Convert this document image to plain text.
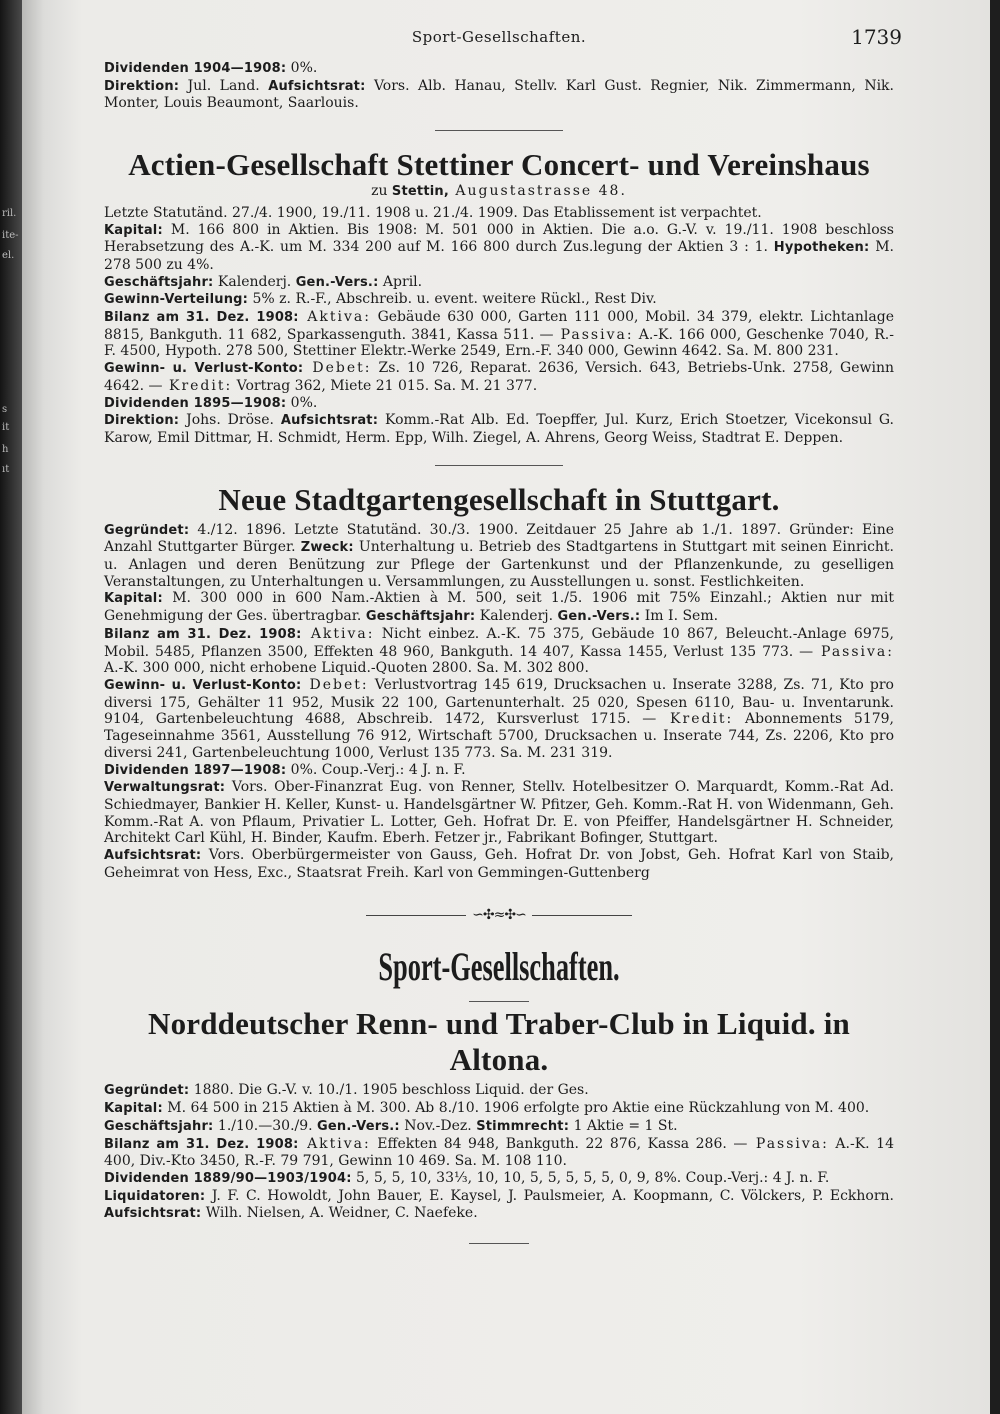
ril.
ite-
el.
s
it
h
ıt
Sport-Gesellschaften.	1739

Dividenden 1904—1908: 0%.

Direktion: Jul. Land. Aufsichtsrat: Vors. Alb. Hanau, Stellv. Karl Gust. Regnier, Nik. Zimmermann, Nik. Monter, Louis Beaumont, Saarlouis.

Actien-Gesellschaft Stettiner Concert- und Vereinshaus

zu Stettin, Augustastrasse 48.

Letzte Statutänd. 27./4. 1900, 19./11. 1908 u. 21./4. 1909. Das Etablissement ist verpachtet.

Kapital: M. 166 800 in Aktien. Bis 1908: M. 501 000 in Aktien. Die a.o. G.-V. v. 19./11. 1908 beschloss Herabsetzung des A.-K. um M. 334 200 auf M. 166 800 durch Zus.legung der Aktien 3 : 1. Hypotheken: M. 278 500 zu 4%.

Geschäftsjahr: Kalenderj. Gen.-Vers.: April.

Gewinn-Verteilung: 5% z. R.-F., Abschreib. u. event. weitere Rückl., Rest Div.

Bilanz am 31. Dez. 1908: Aktiva: Gebäude 630 000, Garten 111 000, Mobil. 34 379, elektr. Lichtanlage 8815, Bankguth. 11 682, Sparkassenguth. 3841, Kassa 511. — Passiva: A.-K. 166 000, Geschenke 7040, R.-F. 4500, Hypoth. 278 500, Stettiner Elektr.-Werke 2549, Ern.-F. 340 000, Gewinn 4642. Sa. M. 800 231.

Gewinn- u. Verlust-Konto: Debet: Zs. 10 726, Reparat. 2636, Versich. 643, Betriebs-Unk. 2758, Gewinn 4642. — Kredit: Vortrag 362, Miete 21 015. Sa. M. 21 377.

Dividenden 1895—1908: 0%.

Direktion: Johs. Dröse. Aufsichtsrat: Komm.-Rat Alb. Ed. Toepffer, Jul. Kurz, Erich Stoetzer, Vicekonsul G. Karow, Emil Dittmar, H. Schmidt, Herm. Epp, Wilh. Ziegel, A. Ahrens, Georg Weiss, Stadtrat E. Deppen.

Neue Stadtgartengesellschaft in Stuttgart.

Gegründet: 4./12. 1896. Letzte Statutänd. 30./3. 1900. Zeitdauer 25 Jahre ab 1./1. 1897. Gründer: Eine Anzahl Stuttgarter Bürger. Zweck: Unterhaltung u. Betrieb des Stadtgartens in Stuttgart mit seinen Einricht. u. Anlagen und deren Benützung zur Pflege der Gartenkunst und der Pflanzenkunde, zu geselligen Veranstaltungen, zu Unterhaltungen u. Versammlungen, zu Ausstellungen u. sonst. Festlichkeiten.

Kapital: M. 300 000 in 600 Nam.-Aktien à M. 500, seit 1./5. 1906 mit 75% Einzahl.; Aktien nur mit Genehmigung der Ges. übertragbar. Geschäftsjahr: Kalenderj. Gen.-Vers.: Im I. Sem.

Bilanz am 31. Dez. 1908: Aktiva: Nicht einbez. A.-K. 75 375, Gebäude 10 867, Beleucht.-Anlage 6975, Mobil. 5485, Pflanzen 3500, Effekten 48 960, Bankguth. 14 407, Kassa 1455, Verlust 135 773. — Passiva: A.-K. 300 000, nicht erhobene Liquid.-Quoten 2800. Sa. M. 302 800.

Gewinn- u. Verlust-Konto: Debet: Verlustvortrag 145 619, Drucksachen u. Inserate 3288, Zs. 71, Kto pro diversi 175, Gehälter 11 952, Musik 22 100, Gartenunterhalt. 25 020, Spesen 6110, Bau- u. Inventarunk. 9104, Gartenbeleuchtung 4688, Abschreib. 1472, Kursverlust 1715. — Kredit: Abonnements 5179, Tageseinnahme 3561, Ausstellung 76 912, Wirtschaft 5700, Drucksachen u. Inserate 744, Zs. 2206, Kto pro diversi 241, Gartenbeleuchtung 1000, Verlust 135 773. Sa. M. 231 319.

Dividenden 1897—1908: 0%. Coup.-Verj.: 4 J. n. F.

Verwaltungsrat: Vors. Ober-Finanzrat Eug. von Renner, Stellv. Hotelbesitzer O. Marquardt, Komm.-Rat Ad. Schiedmayer, Bankier H. Keller, Kunst- u. Handelsgärtner W. Pfitzer, Geh. Komm.-Rat H. von Widenmann, Geh. Komm.-Rat A. von Pflaum, Privatier L. Lotter, Geh. Hofrat Dr. E. von Pfeiffer, Handelsgärtner H. Schneider, Architekt Carl Kühl, H. Binder, Kaufm. Eberh. Fetzer jr., Fabrikant Bofinger, Stuttgart.

Aufsichtsrat: Vors. Oberbürgermeister von Gauss, Geh. Hofrat Dr. von Jobst, Geh. Hofrat Karl von Staib, Geheimrat von Hess, Exc., Staatsrat Freih. Karl von Gemmingen-Guttenberg

∽✣≈✣∽
Sport-Gesellschaften.
Norddeutscher Renn- und Traber-Club in Liquid. in Altona.

Gegründet: 1880. Die G.-V. v. 10./1. 1905 beschloss Liquid. der Ges.

Kapital: M. 64 500 in 215 Aktien à M. 300. Ab 8./10. 1906 erfolgte pro Aktie eine Rückzahlung von M. 400.

Geschäftsjahr: 1./10.—30./9. Gen.-Vers.: Nov.-Dez. Stimmrecht: 1 Aktie = 1 St.

Bilanz am 31. Dez. 1908: Aktiva: Effekten 84 948, Bankguth. 22 876, Kassa 286. — Passiva: A.-K. 14 400, Div.-Kto 3450, R.-F. 79 791, Gewinn 10 469. Sa. M. 108 110.

Dividenden 1889/90—1903/1904: 5, 5, 5, 10, 33⅓, 10, 10, 5, 5, 5, 5, 5, 0, 9, 8%. Coup.-Verj.: 4 J. n. F.

Liquidatoren: J. F. C. Howoldt, John Bauer, E. Kaysel, J. Paulsmeier, A. Koopmann, C. Völckers, P. Eckhorn. Aufsichtsrat: Wilh. Nielsen, A. Weidner, C. Naefeke.
